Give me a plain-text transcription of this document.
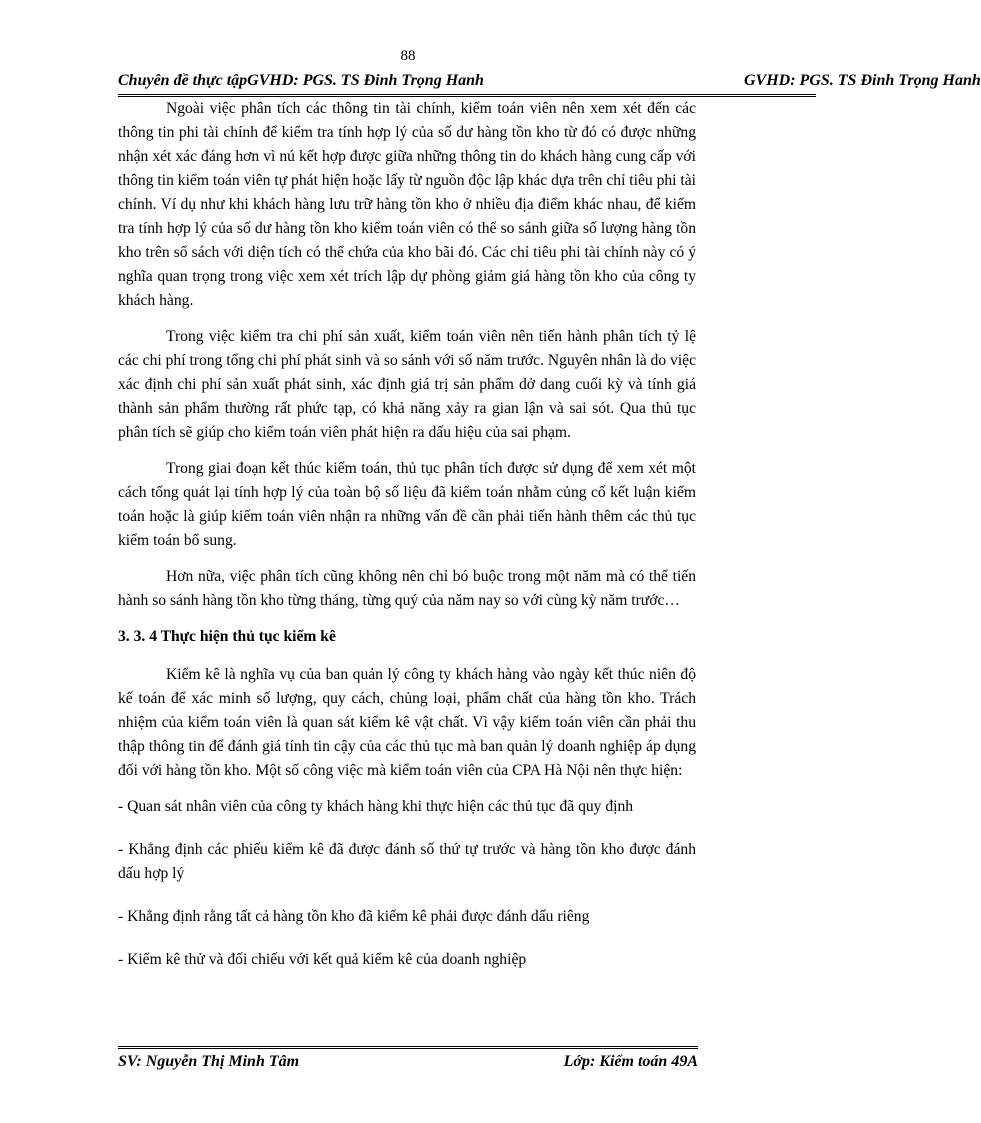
88
Chuyên đề thực tậpGVHD: PGS. TS Đinh Trọng Hanh	GVHD: PGS. TS Đinh Trọng Hanh

Ngoài việc phân tích các thông tin tài chính, kiểm toán viên nên xem xét đến các thông tin phi tài chính để kiểm tra tính hợp lý của số dư hàng tồn kho từ đó có được những nhận xét xác đáng hơn vì nú kết hợp được giữa những thông tin do khách hàng cung cấp với thông tin kiểm toán viên tự phát hiện hoặc lấy từ nguồn độc lập khác dựa trên chỉ tiêu phi tài chính. Ví dụ như khi khách hàng lưu trữ hàng tồn kho ở nhiều địa điểm khác nhau, để kiểm tra tính hợp lý của số dư hàng tồn kho kiểm toán viên có thể so sánh giữa số lượng hàng tồn kho trên sổ sách với diện tích có thể chứa của kho bãi đó. Các chỉ tiêu phi tài chính này có ý nghĩa quan trọng trong việc xem xét trích lập dự phòng giảm giá hàng tồn kho của công ty khách hàng.

Trong việc kiểm tra chi phí sản xuất, kiểm toán viên nên tiến hành phân tích tỷ lệ các chi phí trong tổng chi phí phát sinh và so sánh với số năm trước. Nguyên nhân là do việc xác định chi phí sản xuất phát sinh, xác định giá trị sản phẩm dở dang cuối kỳ và tính giá thành sản phẩm thường rất phức tạp, có khả năng xảy ra gian lận và sai sót. Qua thủ tục phân tích sẽ giúp cho kiểm toán viên phát hiện ra dấu hiệu của sai phạm.

Trong giai đoạn kết thúc kiểm toán, thủ tục phân tích được sử dụng để xem xét một cách tổng quát lại tính hợp lý của toàn bộ số liệu đã kiểm toán nhằm củng cố kết luận kiểm toán hoặc là giúp kiểm toán viên nhận ra những vấn đề cần phải tiến hành thêm các thủ tục kiểm toán bổ sung.

Hơn nữa, việc phân tích cũng không nên chỉ bó buộc trong một năm mà có thể tiến hành so sánh hàng tồn kho từng tháng, từng quý của năm nay so với cùng kỳ năm trước…

3. 3. 4 Thực hiện thủ tục kiểm kê

Kiểm kê là nghĩa vụ của ban quản lý công ty khách hàng vào ngày kết thúc niên độ kế toán để xác minh số lượng, quy cách, chủng loại, phẩm chất của hàng tồn kho. Trách nhiệm của kiểm toán viên là quan sát kiểm kê vật chất. Vì vậy kiểm toán viên cần phải thu thập thông tin để đánh giá tính tin cậy của các thủ tục mà ban quản lý doanh nghiệp áp dụng đối với hàng tồn kho. Một số công việc mà kiểm toán viên của CPA Hà Nội nên thực hiện:

- Quan sát nhân viên của công ty khách hàng khi thực hiện các thủ tục đã quy định

- Khẳng định các phiếu kiểm kê đã được đánh số thứ tự trước và hàng tồn kho được đánh dấu hợp lý

- Khẳng định rằng tất cả hàng tồn kho đã kiểm kê phải được đánh dấu riêng

- Kiểm kê thử và đối chiếu với kết quả kiểm kê của doanh nghiệp

SV: Nguyễn Thị Minh Tâm	Lớp: Kiểm toán 49A
